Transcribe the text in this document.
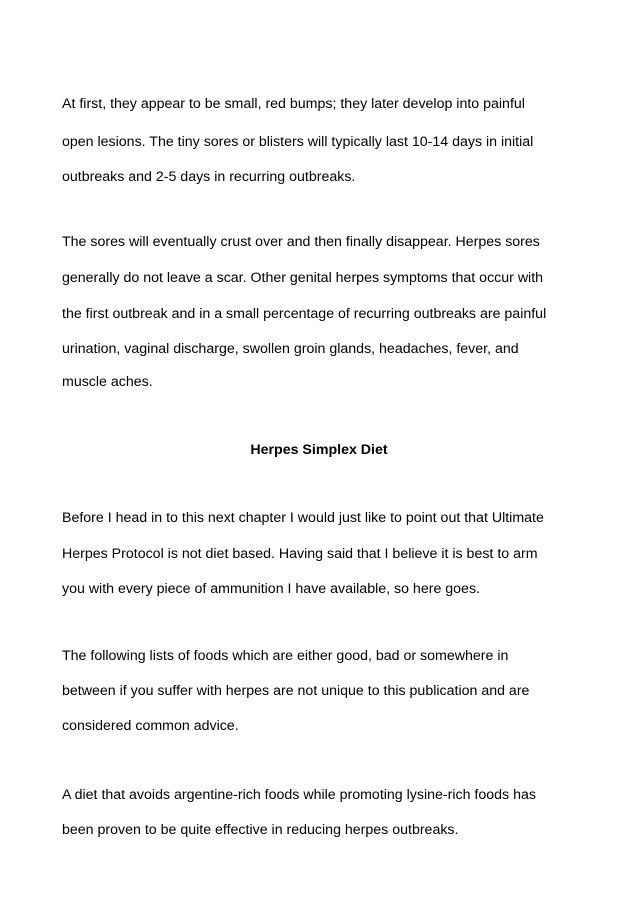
At first, they appear to be small, red bumps; they later develop into painful
open lesions. The tiny sores or blisters will typically last 10-14 days in initial
outbreaks and 2-5 days in recurring outbreaks.
The sores will eventually crust over and then finally disappear. Herpes sores
generally do not leave a scar. Other genital herpes symptoms that occur with
the first outbreak and in a small percentage of recurring outbreaks are painful
urination, vaginal discharge, swollen groin glands, headaches, fever, and
muscle aches.
Herpes Simplex Diet
Before I head in to this next chapter I would just like to point out that Ultimate
Herpes Protocol is not diet based. Having said that I believe it is best to arm
you with every piece of ammunition I have available, so here goes.
The following lists of foods which are either good, bad or somewhere in
between if you suffer with herpes are not unique to this publication and are
considered common advice.
A diet that avoids argentine-rich foods while promoting lysine-rich foods has
been proven to be quite effective in reducing herpes outbreaks.
